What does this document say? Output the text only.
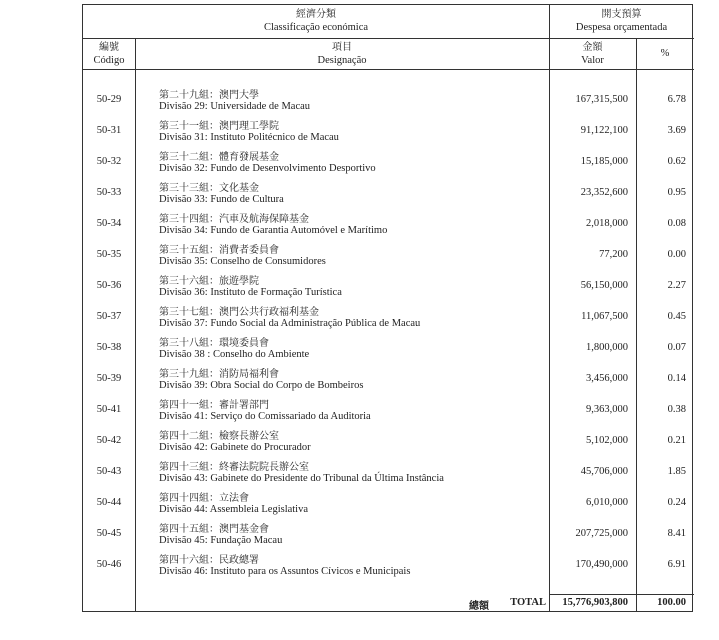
經濟分類
Classificação económica
開支預算
Despesa orçamentada
編號
Código
項目
Designação
金額
Valor
%
50-29	第二十九組：澳門大學
Divisão 29: Universidade de Macau
167,315,500	6.78
50-31	第三十一組：澳門理工學院
Divisão 31: Instituto Politécnico de Macau
91,122,100	3.69
50-32	第三十二組：體育發展基金
Divisão 32: Fundo de Desenvolvimento Desportivo
15,185,000	0.62
50-33	第三十三組：文化基金
Divisão 33: Fundo de Cultura
23,352,600	0.95
50-34	第三十四組：汽車及航海保障基金
Divisão 34: Fundo de Garantia Automóvel e Marítimo
2,018,000	0.08
50-35	第三十五組：消費者委員會
Divisão 35: Conselho de Consumidores
77,200	0.00
50-36	第三十六組：旅遊學院
Divisão 36: Instituto de Formação Turística
56,150,000	2.27
50-37	第三十七組：澳門公共行政福利基金
Divisão 37: Fundo Social da Administração Pública de Macau
11,067,500	0.45
50-38	第三十八組：環境委員會
Divisão 38 : Conselho do Ambiente
1,800,000	0.07
50-39	第三十九組：消防局福利會
Divisão 39: Obra Social do Corpo de Bombeiros
3,456,000	0.14
50-41	第四十一組：審計署部門
Divisão 41: Serviço do Comissariado da Auditoria
9,363,000	0.38
50-42	第四十二組：檢察長辦公室
Divisão 42: Gabinete do Procurador
5,102,000	0.21
50-43	第四十三組：終審法院院長辦公室
Divisão 43: Gabinete do Presidente do Tribunal da Última Instância
45,706,000	1.85
50-44	第四十四組：立法會
Divisão 44: Assembleia Legislativa
6,010,000	0.24
50-45	第四十五組：澳門基金會
Divisão 45: Fundação Macau
207,725,000	8.41
50-46	第四十六組：民政總署
Divisão 46: Instituto para os Assuntos Cívicos e Municipais
170,490,000	6.91
總額 TOTAL 15,776,903,800	100.00
